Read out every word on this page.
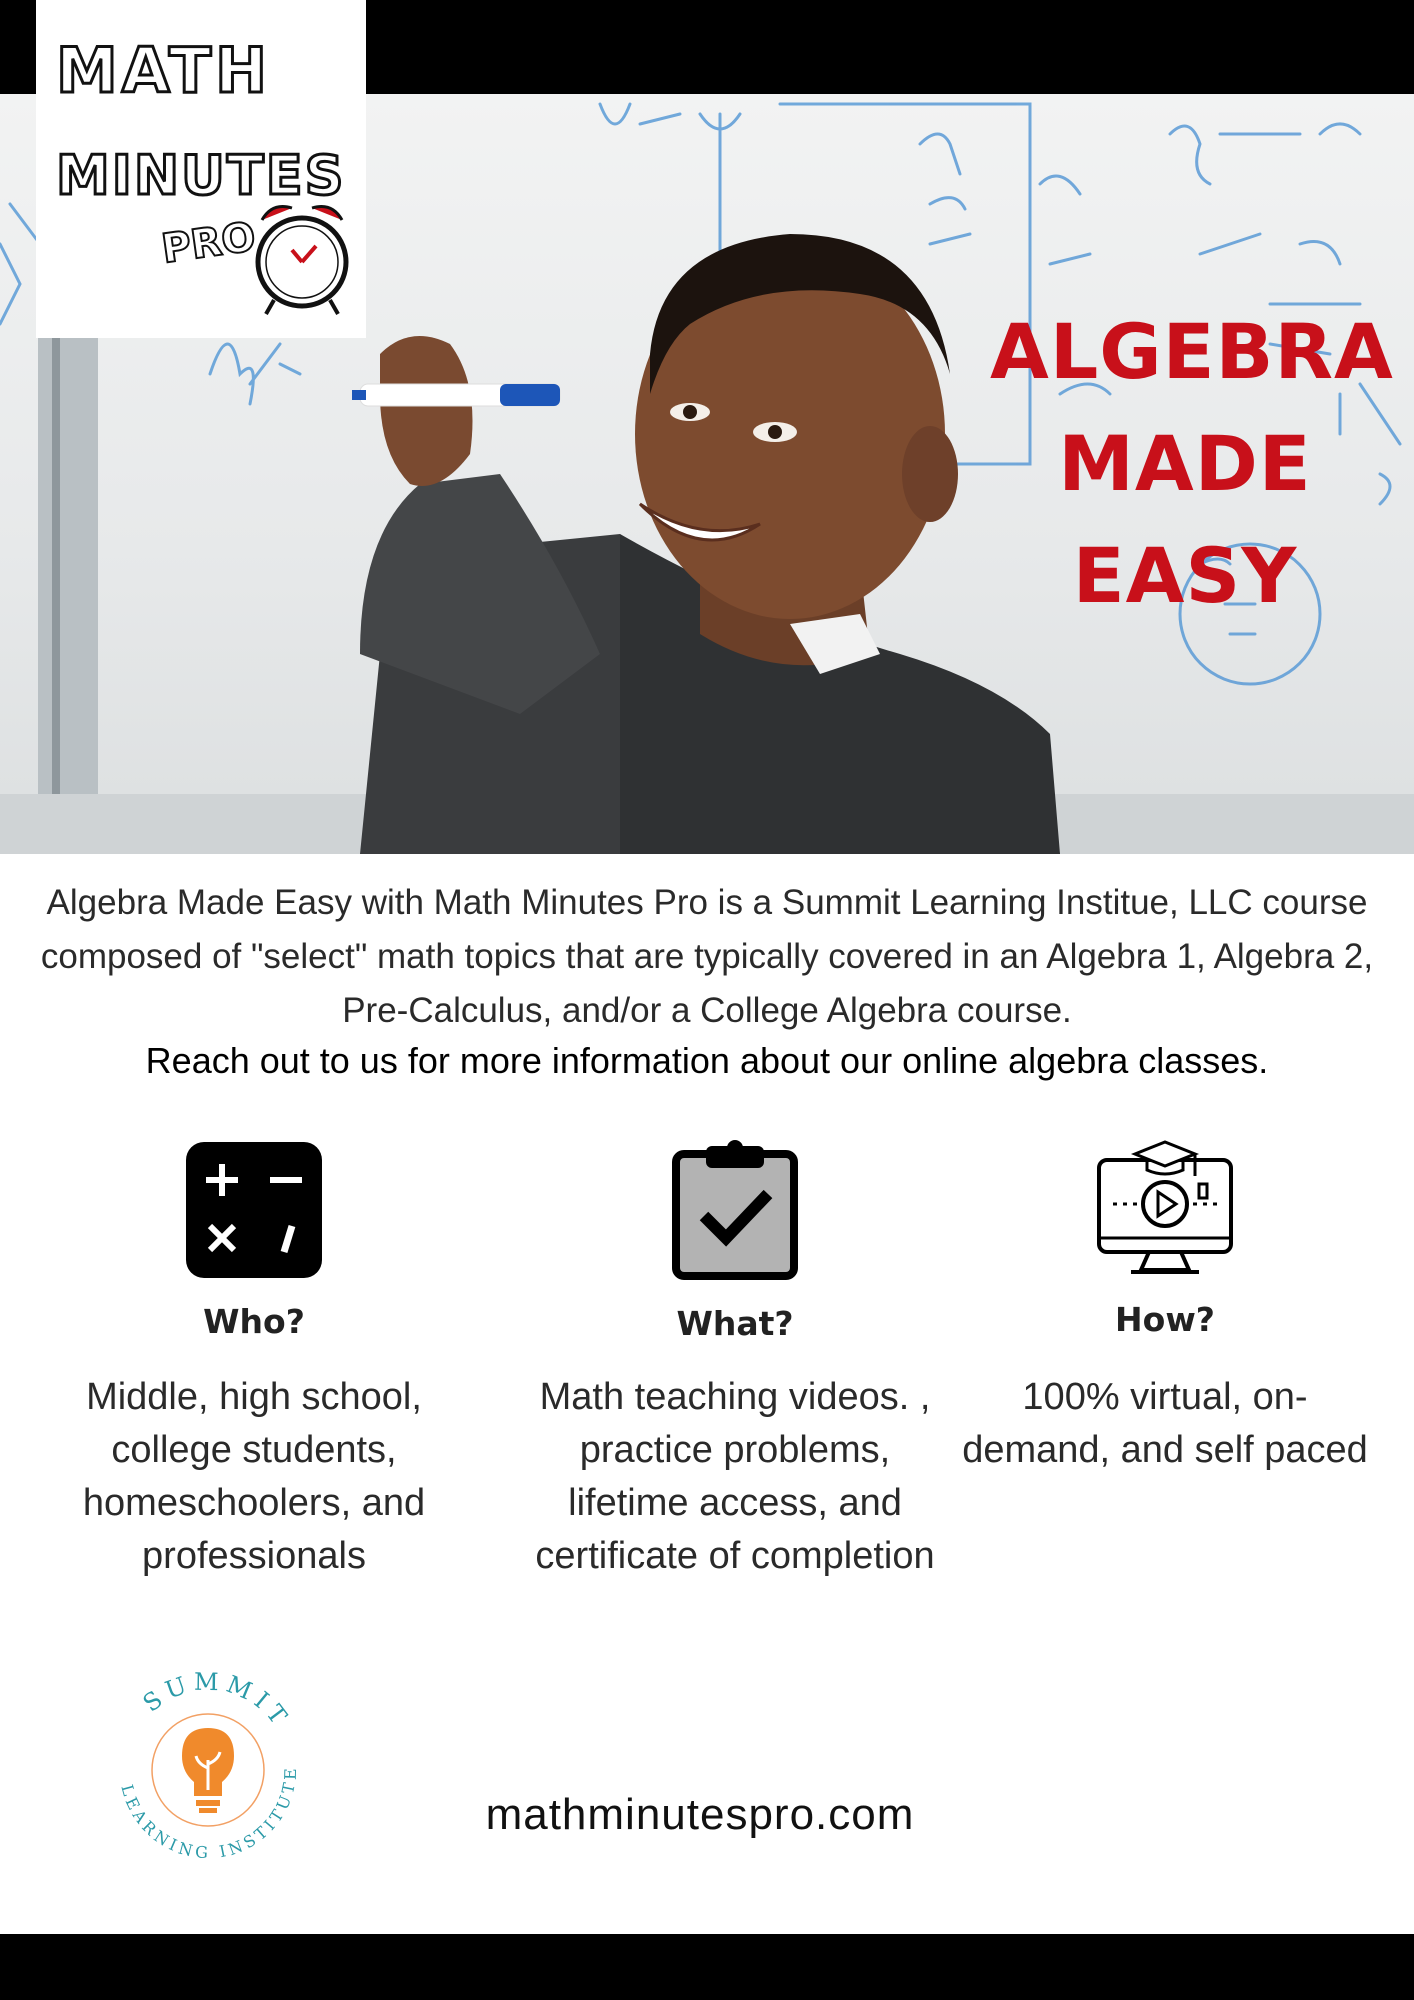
MATH
MINUTES
PRO
ALGEBRA
MADE
EASY
Algebra Made Easy with Math Minutes Pro is a Summit Learning Institue, LLC course composed of "select" math topics that are typically covered in an Algebra 1, Algebra 2, Pre-Calculus, and/or a College Algebra course.
Reach out to us for more information about our online algebra classes.
Who?

Middle, high school, college students, homeschoolers, and professionals

What?

Math teaching videos. , practice problems, lifetime access, and certificate of completion

How?

100% virtual, on-demand, and self paced

SUMMIT
LEARNING INSTITUTE
mathminutespro.com
